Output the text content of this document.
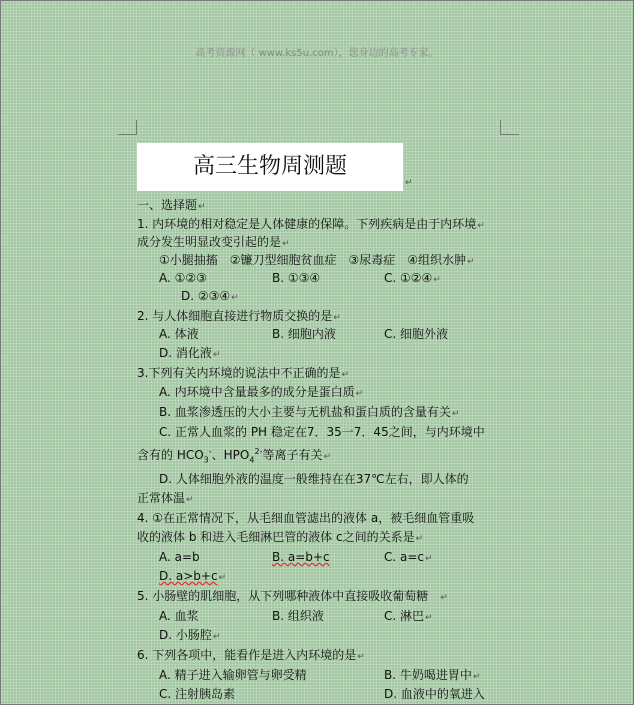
高考资源网（ www.ks5u.com），您身边的高考专家。
高三生物周测题
↵
一、选择题↵
1. 内环境的相对稳定是人体健康的保障。下列疾病是由于内环境↵
成分发生明显改变引起的是↵
①小腿抽搐　②镰刀型细胞贫血症　③尿毒症　④组织水肿↵
A. ①②③	B. ①③④	C. ①②④↵
D. ②③④↵
2. 与人体细胞直接进行物质交换的是↵
A. 体液	B. 细胞内液	C. 细胞外液
D. 消化液↵
3.下列有关内环境的说法中不正确的是↵
A. 内环境中含量最多的成分是蛋白质↵
B. 血浆渗透压的大小主要与无机盐和蛋白质的含量有关↵
C. 正常人血浆的 PH 稳定在7．35一7．45之间，与内环境中
含有的 $HCO_3^-$、$HPO_4^{2-}$等离子有关↵
D. 人体细胞外液的温度一般维持在在37℃左右，即人体的
正常体温↵
4. ①在正常情况下，从毛细血管滤出的液体 a，被毛细血管重吸
收的液体 b 和进入毛细淋巴管的液体 c之间的关系是↵
A. a=b	B. a=b+c	C. a=c↵
D. a>b+c↵
5. 小肠壁的肌细胞，从下列哪种液体中直接吸收葡萄糖 ↵
A. 血浆	B. 组织液	C. 淋巴↵
D. 小肠腔↵
6. 下列各项中，能看作是进入内环境的是↵
A. 精子进入输卵管与卵受精	B. 牛奶喝进胃中↵
C. 注射胰岛素	D. 血液中的氧进入
